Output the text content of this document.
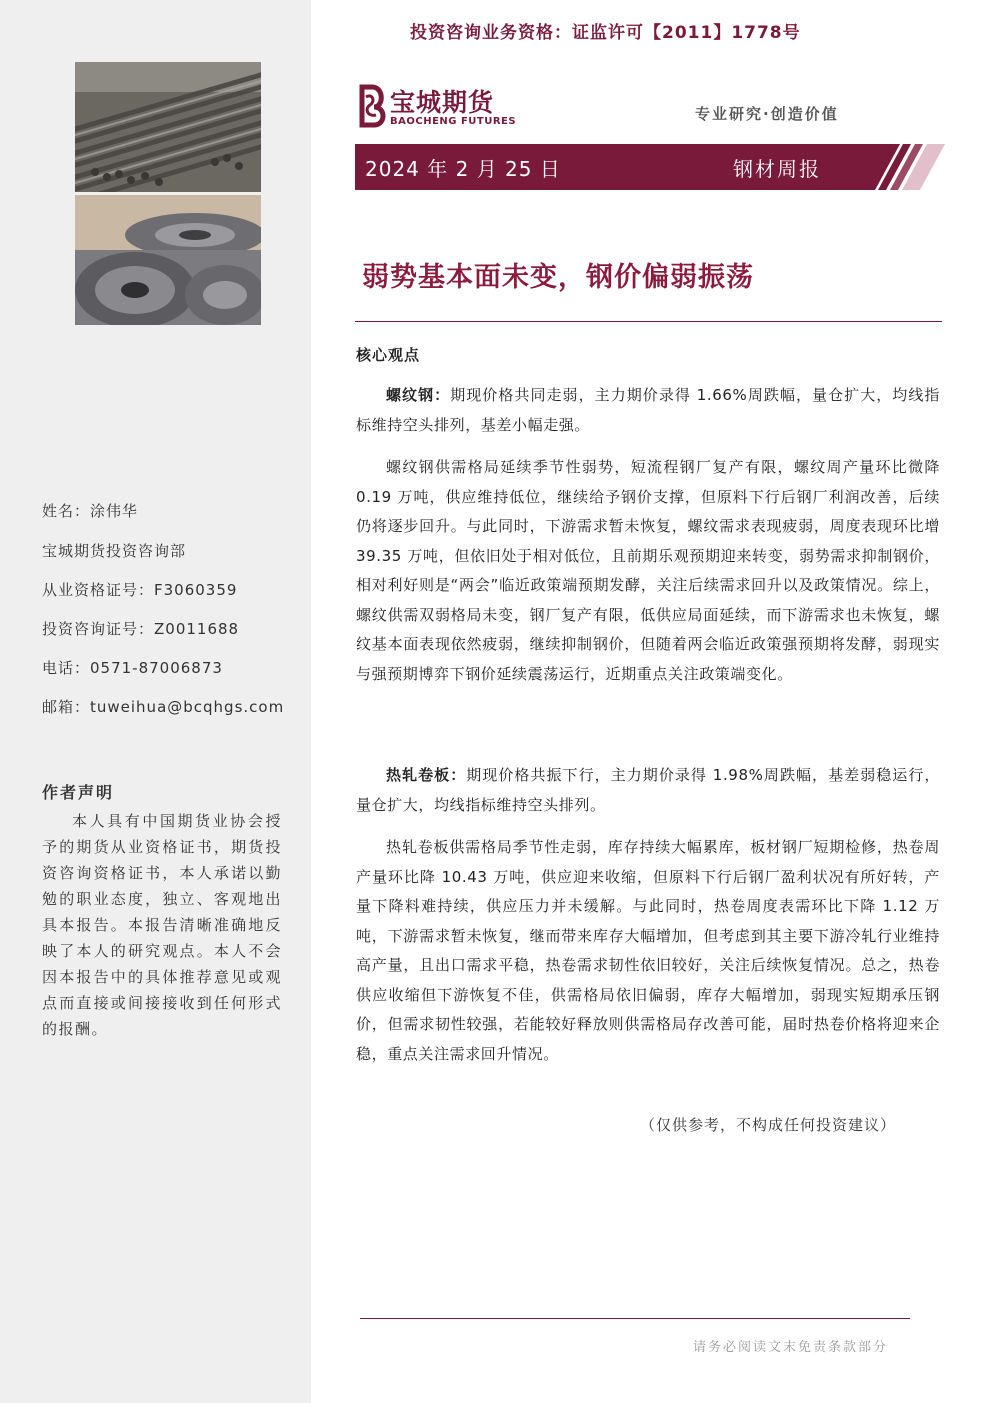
姓名：涂伟华
宝城期货投资咨询部
从业资格证号：F3060359
投资咨询证号：Z0011688
电话：0571-87006873
邮箱：tuweihua@bcqhgs.com
作者声明
本人具有中国期货业协会授予的期货从业资格证书，期货投资咨询资格证书，本人承诺以勤勉的职业态度，独立、客观地出具本报告。本报告清晰准确地反映了本人的研究观点。本人不会因本报告中的具体推荐意见或观点而直接或间接接收到任何形式的报酬。
投资咨询业务资格：证监许可【2011】1778号
宝城期货
BAOCHENG FUTURES	专业研究·创造价值
2024 年 2 月 25 日	钢材周报
弱势基本面未变，钢价偏弱振荡
核心观点
螺纹钢：期现价格共同走弱，主力期价录得 1.66%周跌幅，量仓扩大，均线指标维持空头排列，基差小幅走强。
螺纹钢供需格局延续季节性弱势，短流程钢厂复产有限，螺纹周产量环比微降 0.19 万吨，供应维持低位，继续给予钢价支撑，但原料下行后钢厂利润改善，后续仍将逐步回升。与此同时，下游需求暂未恢复，螺纹需求表现疲弱，周度表现环比增 39.35 万吨，但依旧处于相对低位，且前期乐观预期迎来转变，弱势需求抑制钢价，相对利好则是“两会”临近政策端预期发酵，关注后续需求回升以及政策情况。综上，螺纹供需双弱格局未变，钢厂复产有限，低供应局面延续，而下游需求也未恢复，螺纹基本面表现依然疲弱，继续抑制钢价，但随着两会临近政策强预期将发酵，弱现实与强预期博弈下钢价延续震荡运行，近期重点关注政策端变化。
热轧卷板：期现价格共振下行，主力期价录得 1.98%周跌幅，基差弱稳运行，量仓扩大，均线指标维持空头排列。
热轧卷板供需格局季节性走弱，库存持续大幅累库，板材钢厂短期检修，热卷周产量环比降 10.43 万吨，供应迎来收缩，但原料下行后钢厂盈利状况有所好转，产量下降料难持续，供应压力并未缓解。与此同时，热卷周度表需环比下降 1.12 万吨，下游需求暂未恢复，继而带来库存大幅增加，但考虑到其主要下游冷轧行业维持高产量，且出口需求平稳，热卷需求韧性依旧较好，关注后续恢复情况。总之，热卷供应收缩但下游恢复不佳，供需格局依旧偏弱，库存大幅增加，弱现实短期承压钢价，但需求韧性较强，若能较好释放则供需格局存改善可能，届时热卷价格将迎来企稳，重点关注需求回升情况。
（仅供参考，不构成任何投资建议）
请务必阅读文末免责条款部分
